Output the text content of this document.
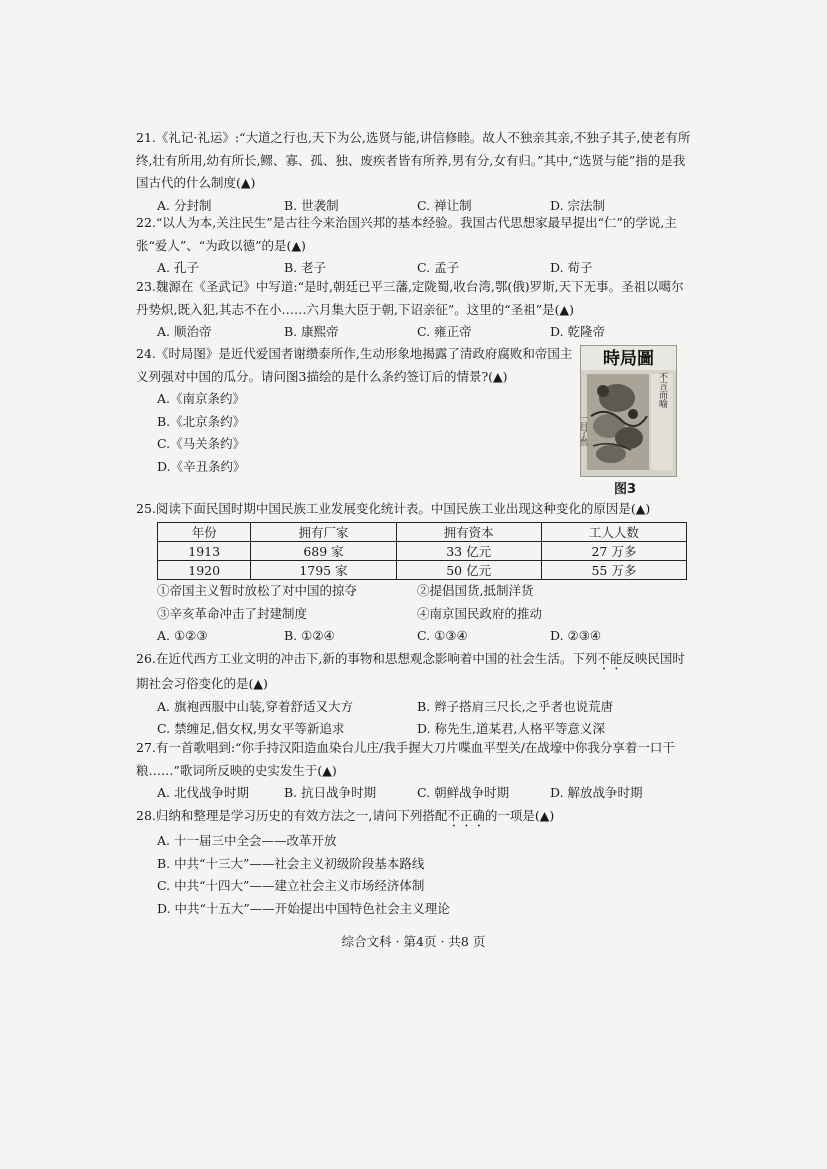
21.《礼记·礼运》:“大道之行也,天下为公,选贤与能,讲信修睦。故人不独亲其亲,不独子其子,使老有所终,壮有所用,幼有所长,鳏、寡、孤、独、废疾者皆有所养,男有分,女有归。”其中,“选贤与能”指的是我国古代的什么制度(▲)

A. 分封制	B. 世袭制	C. 禅让制	D. 宗法制

22.“以人为本,关注民生”是古往今来治国兴邦的基本经验。我国古代思想家最早提出“仁”的学说,主张“爱人”、“为政以德”的是(▲)

A. 孔子	B. 老子	C. 孟子	D. 荀子

23.魏源在《圣武记》中写道:“是时,朝廷已平三藩,定陇蜀,收台湾,鄂(俄)罗斯,天下无事。圣祖以噶尔丹势炽,既入犯,其志不在小……六月集大臣于朝,下诏亲征”。这里的“圣祖”是(▲)

A. 顺治帝	B. 康熙帝	C. 雍正帝	D. 乾隆帝

24.《时局图》是近代爱国者谢缵泰所作,生动形象地揭露了清政府腐败和帝国主义列强对中国的瓜分。请问图3描绘的是什么条约签订后的情景?(▲)

A.《南京条约》
B.《北京条约》
C.《马关条约》
D.《辛丑条约》
時局圖
不言而喻
一目了然
图3

25.阅读下面民国时期中国民族工业发展变化统计表。中国民族工业出现这种变化的原因是(▲)

年份	拥有厂家	拥有资本	工人人数
1913	689 家	33 亿元	27 万多
1920	1795 家	50 亿元	55 万多
①帝国主义暂时放松了对中国的掠夺	②提倡国货,抵制洋货
③辛亥革命冲击了封建制度	④南京国民政府的推动
A. ①②③	B. ①②④	C. ①③④	D. ②③④

26.在近代西方工业文明的冲击下,新的事物和思想观念影响着中国的社会生活。下列不能反映民国时期社会习俗变化的是(▲)

A. 旗袍西服中山装,穿着舒适又大方	B. 辫子搭肩三尺长,之乎者也说荒唐
C. 禁缠足,倡女权,男女平等新追求	D. 称先生,道某君,人格平等意义深

27.有一首歌唱到:“你手持汉阳造血染台儿庄/我手握大刀片喋血平型关/在战壕中你我分享着一口干粮……”歌词所反映的史实发生于(▲)

A. 北伐战争时期	B. 抗日战争时期	C. 朝鲜战争时期	D. 解放战争时期

28.归纳和整理是学习历史的有效方法之一,请问下列搭配不正确的一项是(▲)

A. 十一届三中全会——改革开放
B. 中共“十三大”——社会主义初级阶段基本路线
C. 中共“十四大”——建立社会主义市场经济体制
D. 中共“十五大”——开始提出中国特色社会主义理论
综合文科 · 第4页 · 共8 页
